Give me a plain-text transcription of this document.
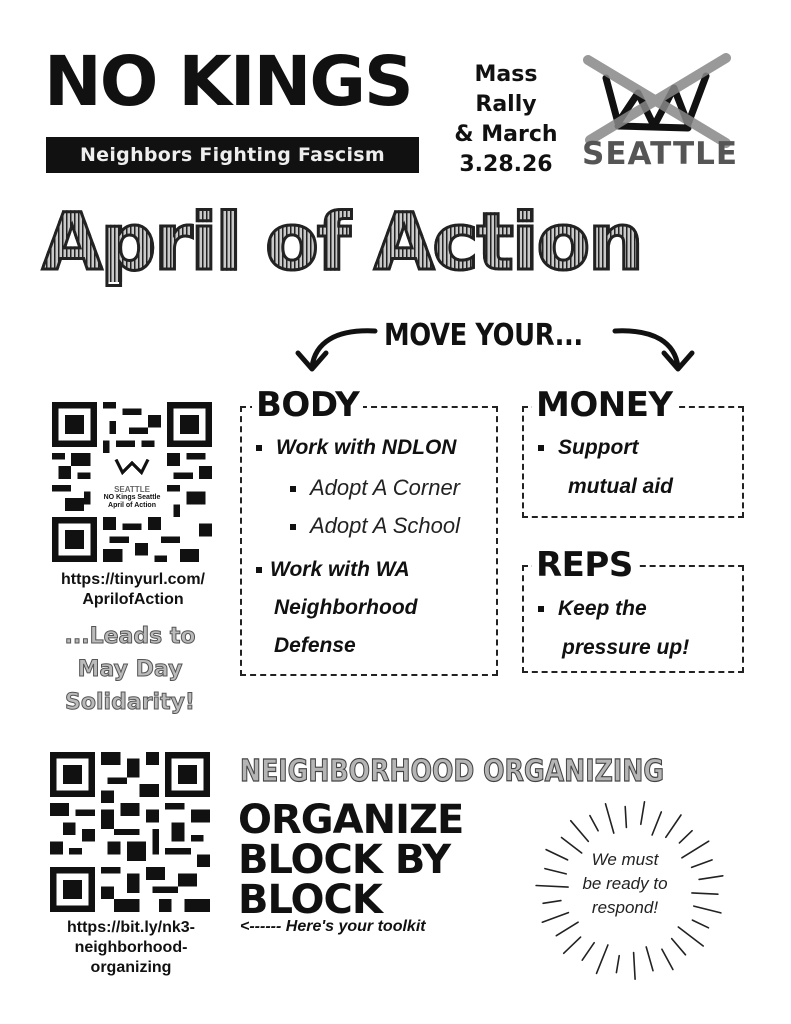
NO KINGS
Neighbors Fighting Fascism
Mass
Rally
& March
3.28.26 SEATTLE
April of Action
MOVE YOUR...
BODY
Work with NDLON
Adopt A Corner
Adopt A School
Work with WA
Neighborhood
Defense
MONEY
Support
mutual aid
REPS
Keep the
pressure up!
SEATTLE
NO Kings Seattle
April of Action
https://tinyurl.com/
AprilofAction
...Leads to
May Day
Solidarity!
NEIGHBORHOOD ORGANIZING
ORGANIZE
BLOCK BY
BLOCK
<------ Here's your toolkit
https://bit.ly/nk3-
neighborhood-
organizing
We must
be ready to
respond!
